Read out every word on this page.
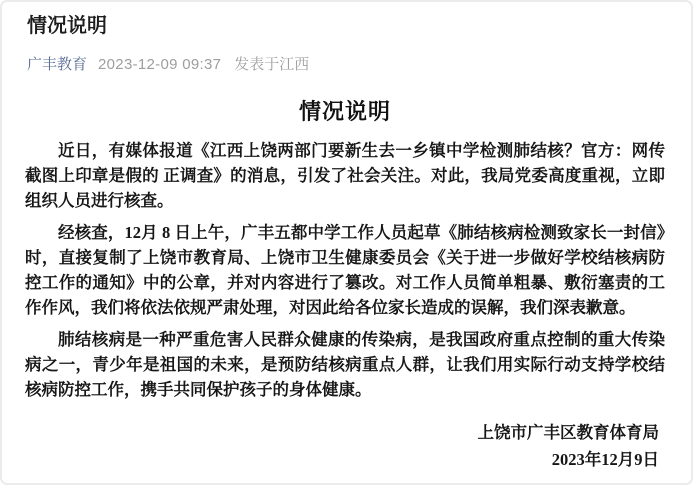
情况说明
广丰教育 2023-12-09 09:37 发表于江西
情况说明

近日，有媒体报道《江西上饶两部门要新生去一乡镇中学检测肺结核？官方：网传截图上印章是假的 正调查》的消息，引发了社会关注。对此，我局党委高度重视，立即组织人员进行核查。

经核查，12月 8 日上午，广丰五都中学工作人员起草《肺结核病检测致家长一封信》时，直接复制了上饶市教育局、上饶市卫生健康委员会《关于进一步做好学校结核病防控工作的通知》中的公章，并对内容进行了篡改。对工作人员简单粗暴、敷衍塞责的工作作风，我们将依法依规严肃处理，对因此给各位家长造成的误解，我们深表歉意。

肺结核病是一种严重危害人民群众健康的传染病，是我国政府重点控制的重大传染病之一，青少年是祖国的未来，是预防结核病重点人群，让我们用实际行动支持学校结核病防控工作，携手共同保护孩子的身体健康。

上饶市广丰区教育体育局
2023年12月9日
